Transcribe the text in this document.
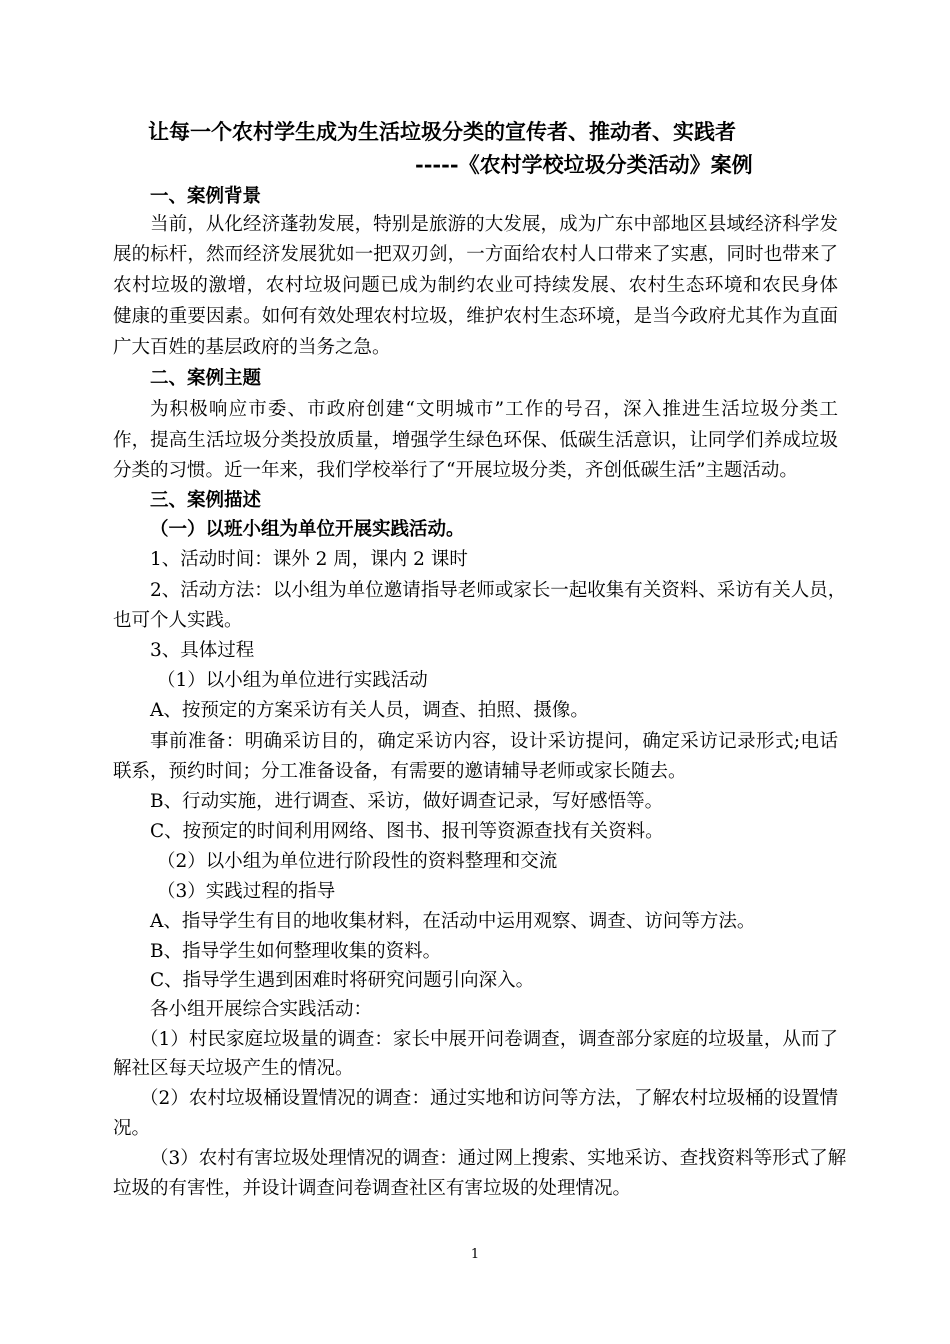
让每一个农村学生成为生活垃圾分类的宣传者、推动者、实践者
-----《农村学校垃圾分类活动》案例
一、案例背景
当前，从化经济蓬勃发展，特别是旅游的大发展，成为广东中部地区县域经济科学发
展的标杆，然而经济发展犹如一把双刃剑，一方面给农村人口带来了实惠，同时也带来了
农村垃圾的激增，农村垃圾问题已成为制约农业可持续发展、农村生态环境和农民身体
健康的重要因素。如何有效处理农村垃圾，维护农村生态环境，是当今政府尤其作为直面
广大百姓的基层政府的当务之急。
二、案例主题
为积极响应市委、市政府创建“文明城市”工作的号召，深入推进生活垃圾分类工
作，提高生活垃圾分类投放质量，增强学生绿色环保、低碳生活意识，让同学们养成垃圾
分类的习惯。近一年来，我们学校举行了“开展垃圾分类，齐创低碳生活”主题活动。
三、案例描述
（一）以班小组为单位开展实践活动。
1、活动时间：课外 2 周，课内 2 课时
2、活动方法：以小组为单位邀请指导老师或家长一起收集有关资料、采访有关人员，
也可个人实践。
3、具体过程
（1）以小组为单位进行实践活动
A、按预定的方案采访有关人员，调查、拍照、摄像。
事前准备：明确采访目的，确定采访内容，设计采访提问，确定采访记录形式;电话
联系，预约时间；分工准备设备，有需要的邀请辅导老师或家长随去。
B、行动实施，进行调查、采访，做好调查记录，写好感悟等。
C、按预定的时间利用网络、图书、报刊等资源查找有关资料。
（2）以小组为单位进行阶段性的资料整理和交流
（3）实践过程的指导
A、指导学生有目的地收集材料，在活动中运用观察、调查、访问等方法。
B、指导学生如何整理收集的资料。
C、指导学生遇到困难时将研究问题引向深入。
各小组开展综合实践活动：
（1）村民家庭垃圾量的调查：家长中展开问卷调查，调查部分家庭的垃圾量，从而了
解社区每天垃圾产生的情况。
（2）农村垃圾桶设置情况的调查：通过实地和访问等方法，了解农村垃圾桶的设置情
况。
（3）农村有害垃圾处理情况的调查：通过网上搜索、实地采访、查找资料等形式了解
垃圾的有害性，并设计调查问卷调查社区有害垃圾的处理情况。
1
